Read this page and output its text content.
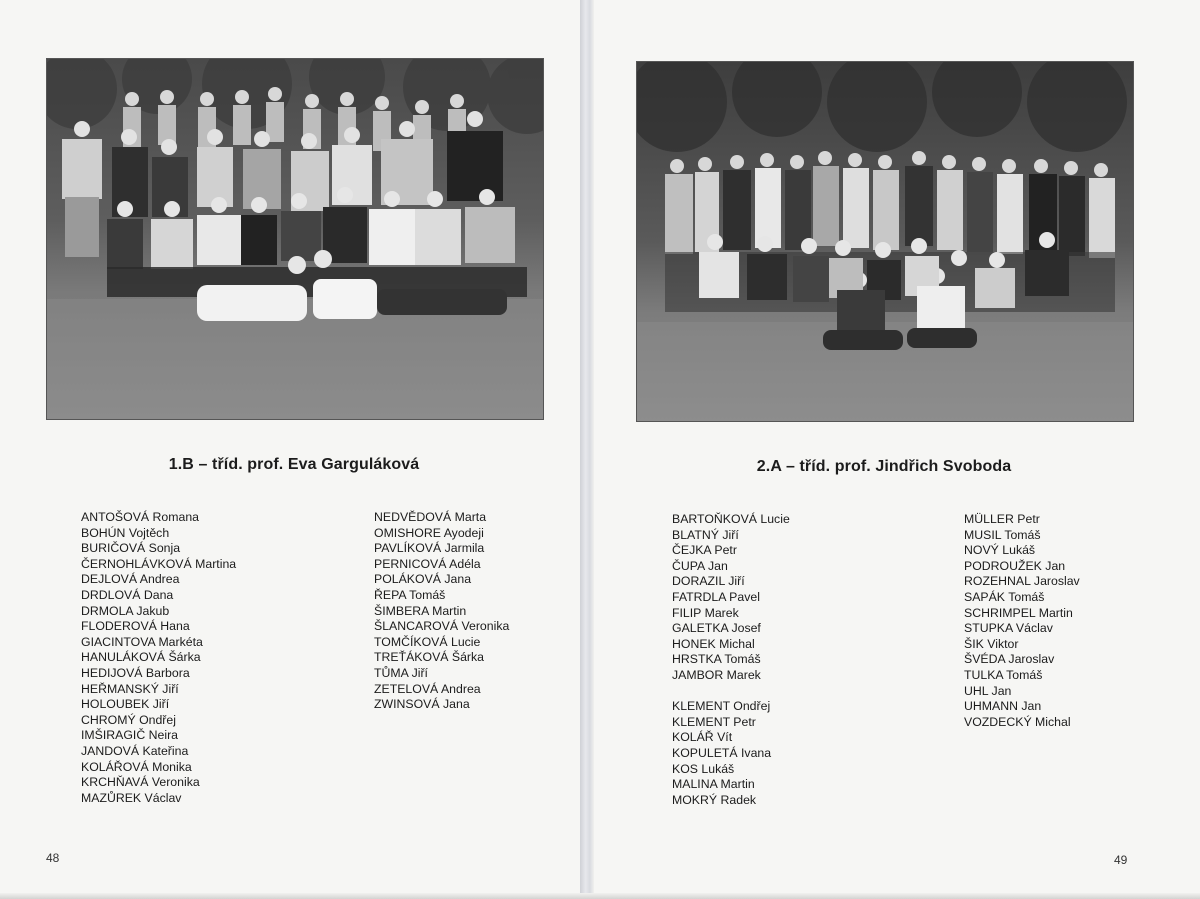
1.B – tříd. prof. Eva Garguláková
ANTOŠOVÁ Romana
BOHÚN Vojtěch
BURIČOVÁ Sonja
ČERNOHLÁVKOVÁ Martina
DEJLOVÁ Andrea
DRDLOVÁ Dana
DRMOLA Jakub
FLODEROVÁ Hana
GIACINTOVA Markéta
HANULÁKOVÁ Šárka
HEDIJOVÁ Barbora
HEŘMANSKÝ Jiří
HOLOUBEK Jiří
CHROMÝ Ondřej
IMŠIRAGIČ Neira
JANDOVÁ Kateřina
KOLÁŘOVÁ Monika
KRCHŇAVÁ Veronika
MAZŮREK Václav
NEDVĚDOVÁ Marta
OMISHORE Ayodeji
PAVLÍKOVÁ Jarmila
PERNICOVÁ Adéla
POLÁKOVÁ Jana
ŘEPA Tomáš
ŠIMBERA Martin
ŠLANCAROVÁ Veronika
TOMČÍKOVÁ Lucie
TREŤÁKOVÁ Šárka
TŮMA Jiří
ZETELOVÁ Andrea
ZWINSOVÁ Jana
48
2.A – tříd. prof. Jindřich Svoboda
BARTOŇKOVÁ Lucie
BLATNÝ Jiří
ČEJKA Petr
ČUPA Jan
DORAZIL Jiří
FATRDLA Pavel
FILIP Marek
GALETKA Josef
HONEK Michal
HRSTKA Tomáš
JAMBOR Marek
KLEMENT Ondřej
KLEMENT Petr
KOLÁŘ Vít
KOPULETÁ Ivana
KOS Lukáš
MALINA Martin
MOKRÝ Radek
MÜLLER Petr
MUSIL Tomáš
NOVÝ Lukáš
PODROUŽEK Jan
ROZEHNAL Jaroslav
SAPÁK Tomáš
SCHRIMPEL Martin
STUPKA Václav
ŠIK Viktor
ŠVÉDA Jaroslav
TULKA Tomáš
UHL Jan
UHMANN Jan
VOZDECKÝ Michal
49
